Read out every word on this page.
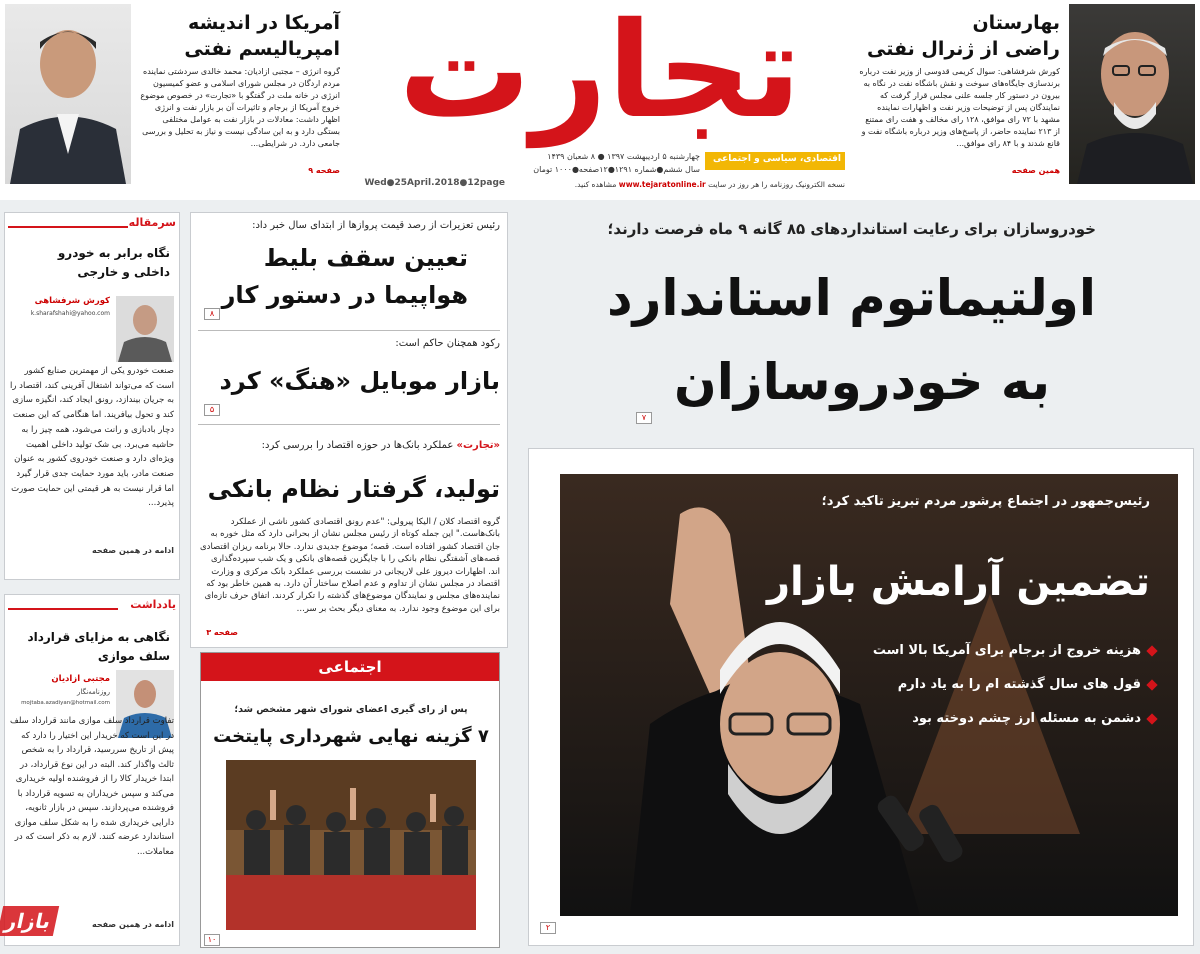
آمریکا در اندیشه
امپریالیسم نفتی
گروه انرژی – مجتبی ازادیان: محمد خالدی سردشتی نماینده مردم اردگان در مجلس شورای اسلامی و عضو کمیسیون انرژی در خانه ملت در گفتگو با «تجارت» در خصوص موضوع خروج آمریکا از برجام و تاثیرات آن بر بازار نفت و انرژی اظهار داشت: معادلات در بازار نفت به عوامل مختلفی بستگی دارد و به این سادگی نیست و نیاز به تحلیل و بررسی جامعی دارد. در شرایطی...
صفحه ۹
تجارت
اقتصادی، سیاسی و اجتماعی
چهارشنبه ۵ اردیبهشت ۱۳۹۷ ● ۸ شعبان ۱۴۳۹
سال ششم●شماره ۱۲۹۱●۱۲صفحه●۱۰۰۰ تومان
Wed●25April.2018●12page	نسخه الکترونیک روزنامه را هر روز در سایت www.tejaratonline.ir مشاهده کنید.
بهارستان
راضی از ژنرال نفتی
کورش شرفشاهی: سوال کریمی قدوسی از وزیر نفت درباره برندسازی جایگاه‌های سوخت و نقش باشگاه نفت در نگاه به بیرون در دستور کار جلسه علنی مجلس قرار گرفت که نمایندگان پس از توضیحات وزیر نفت و اظهارات نماینده مشهد با ۷۲ رای موافق، ۱۲۸ رای مخالف و هفت رای ممتنع از ۲۱۳ نماینده حاضر، از پاسخ‌های وزیر درباره باشگاه نفت و قانع شدند و با ۸۴ رای موافق...
همین صفحه
سرمقاله
نگاه برابر به خودرو داخلی و خارجی
کورش شرفشاهی
k.sharafshahi@yahoo.com
صنعت خودرو یکی از مهمترین صنایع کشور است که می‌تواند اشتغال آفرینی کند، اقتصاد را به جریان بیندازد، رونق ایجاد کند، انگیزه سازی کند و تحول بیافریند. اما هنگامی که این صنعت دچار بادبازی و رانت می‌شود، همه چیز را به حاشیه می‌برد. بی شک تولید داخلی اهمیت ویژه‌ای دارد و صنعت خودروی کشور به عنوان صنعت مادر، باید مورد حمایت جدی قرار گیرد اما قرار نیست به هر قیمتی این حمایت صورت پذیرد...
ادامه در همین صفحه
یادداشت
نگاهی به مزایای قرارداد سلف موازی
مجتبی ازادیان
روزنامه‌نگار
mojtaba.azadiyan@hotmail.com
تفاوت قرارداد سلف موازی مانند قرارداد سلف در این است که خریدار این اختیار را دارد که پیش از تاریخ سررسید، قرارداد را به شخص ثالث واگذار کند. البته در این نوع قرارداد، در ابتدا خریدار کالا را از فروشنده اولیه خریداری می‌کند و سپس خریداران به تسویه قرارداد با فروشنده می‌پردازند. سپس در بازار ثانویه، دارایی خریداری شده را به شکل سلف موازی استاندارد عرضه کنند. لازم به ذکر است که در معاملات...
ادامه در همین صفحه
بازار
رئیس تعزیرات از رصد قیمت پروازها از ابتدای سال خبر داد:
تعیین سقف بلیط هواپیما در دستور کار
۸
رکود همچنان حاکم است:
بازار موبایل «هنگ» کرد
۵
«تجارت» عملکرد بانک‌ها در حوزه اقتصاد را بررسی کرد:
تولید، گرفتار نظام بانکی
گروه اقتصاد کلان / الیکا پیرولی: "عدم رونق اقتصادی کشور ناشی از عملکرد بانک‌هاست." این جمله کوتاه از رئیس مجلس نشان از بحرانی دارد که مثل خوره به جان اقتصاد کشور افتاده است. قصه؛ موضوع جدیدی ندارد. حالا برنامه ریزان اقتصادی قصه‌های آشفتگی نظام بانکی را با جایگزین قصه‌های بانکی و یک شب سپرده‌گذاری اند. اظهارات دیروز علی لاریجانی در نشست بررسی عملکرد بانک مرکزی و وزارت اقتصاد در مجلس نشان از تداوم و عدم اصلاح ساختار آن دارد. به همین خاطر بود که نماینده‌های مجلس و نمایندگان موضوع‌های گذشته را تکرار کردند. اتفاق حرف تازه‌ای برای این موضوع وجود ندارد. به معنای دیگر بحث بر سر...
صفحه ۳
اجتماعی
پس از رای گیری اعضای شورای شهر مشخص شد؛
۷ گزینه نهایی شهرداری پایتخت
۱۰
خودروسازان برای رعایت استانداردهای ۸۵ گانه ۹ ماه فرصت دارند؛
اولتیماتوم استاندارد
به خودروسازان
۷
رئیس‌جمهور در اجتماع پرشور مردم تبریز تاکید کرد؛
تضمین آرامش بازار
هزینه خروج از برجام برای آمریکا بالا است
قول های سال گذشته ام را به یاد دارم
دشمن به مسئله ارز چشم دوخته بود
۲
